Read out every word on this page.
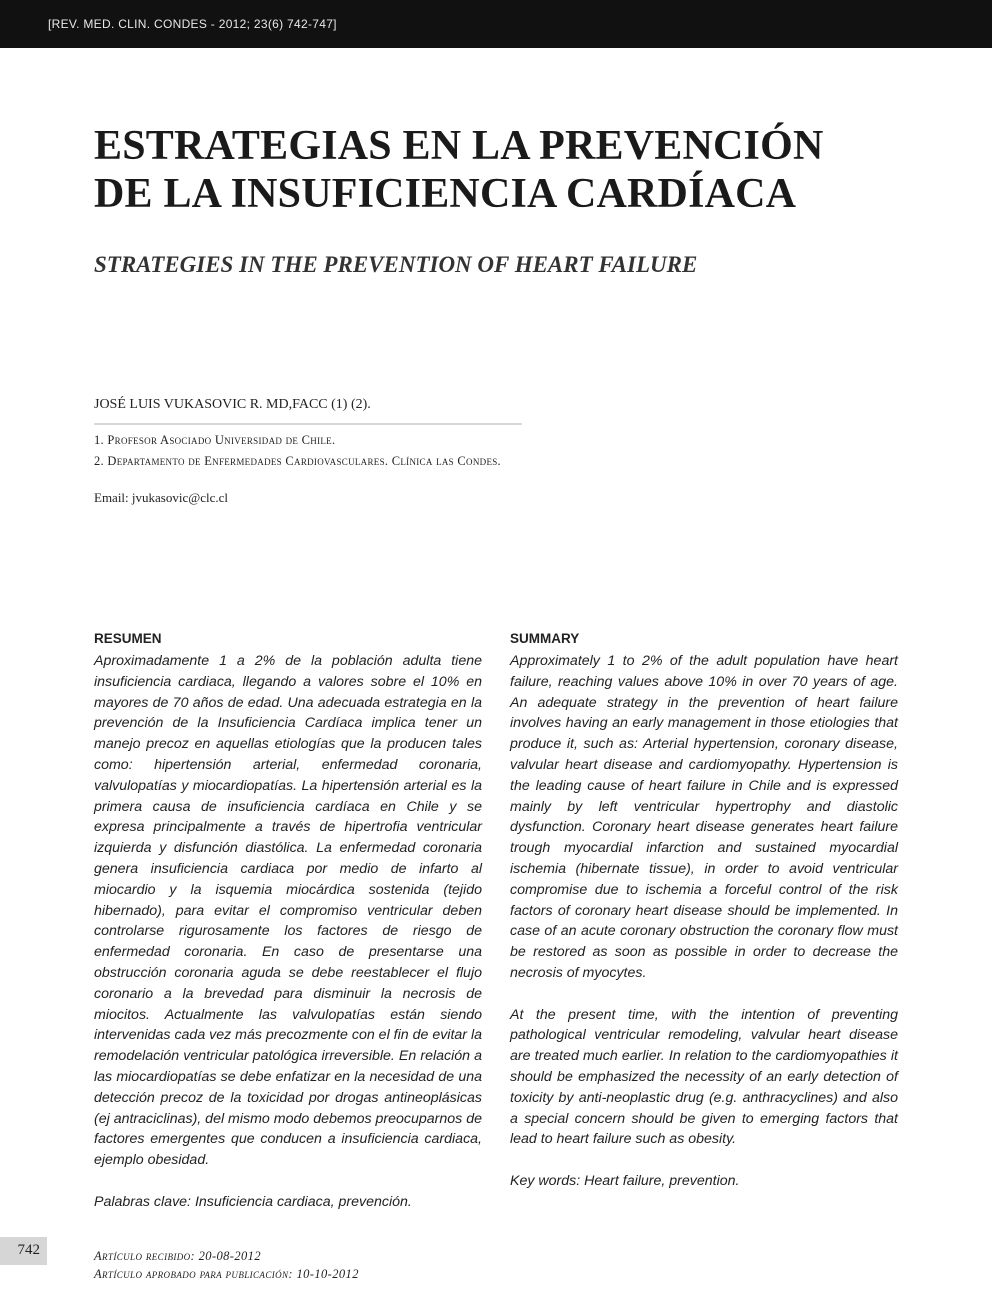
[REV. MED. CLIN. CONDES - 2012; 23(6) 742-747]
ESTRATEGIAS EN LA PREVENCIÓN
DE LA INSUFICIENCIA CARDÍACA
STRATEGIES IN THE PREVENTION OF HEART FAILURE
JOSÉ LUIS VUKASOVIC R. MD,FACC (1) (2).
1. Profesor Asociado Universidad de Chile.
2. Departamento de Enfermedades Cardiovasculares. Clínica las Condes.
Email: jvukasovic@clc.cl
RESUMEN

Aproximadamente 1 a 2% de la población adulta tiene insuficiencia cardiaca, llegando a valores sobre el 10% en mayores de 70 años de edad. Una adecuada estrategia en la prevención de la Insuficiencia Cardíaca implica tener un manejo precoz en aquellas etiologías que la producen tales como: hipertensión arterial, enfermedad coronaria, valvulopatías y miocardiopatías. La hipertensión arterial es la primera causa de insuficiencia cardíaca en Chile y se expresa principalmente a través de hipertrofia ventricular izquierda y disfunción diastólica. La enfermedad coronaria genera insuficiencia cardiaca por medio de infarto al miocardio y la isquemia miocárdica sostenida (tejido hibernado), para evitar el compromiso ventricular deben controlarse rigurosamente los factores de riesgo de enfermedad coronaria. En caso de presentarse una obstrucción coronaria aguda se debe reestablecer el flujo coronario a la brevedad para disminuir la necrosis de miocitos. Actualmente las valvulopatías están siendo intervenidas cada vez más precozmente con el fin de evitar la remodelación ventricular patológica irreversible. En relación a las miocardiopatías se debe enfatizar en la necesidad de una detección precoz de la toxicidad por drogas antineoplásicas (ej antraciclinas), del mismo modo debemos preocuparnos de factores emergentes que conducen a insuficiencia cardiaca, ejemplo obesidad.

Palabras clave: Insuficiencia cardiaca, prevención.

SUMMARY

Approximately 1 to 2% of the adult population have heart failure, reaching values above 10% in over 70 years of age. An adequate strategy in the prevention of heart failure involves having an early management in those etiologies that produce it, such as: Arterial hypertension, coronary disease, valvular heart disease and cardiomyopathy. Hypertension is the leading cause of heart failure in Chile and is expressed mainly by left ventricular hypertrophy and diastolic dysfunction. Coronary heart disease generates heart failure trough myocardial infarction and sustained myocardial ischemia (hibernate tissue), in order to avoid ventricular compromise due to ischemia a forceful control of the risk factors of coronary heart disease should be implemented. In case of an acute coronary obstruction the coronary flow must be restored as soon as possible in order to decrease the necrosis of myocytes.

At the present time, with the intention of preventing pathological ventricular remodeling, valvular heart disease are treated much earlier. In relation to the cardiomyopathies it should be emphasized the necessity of an early detection of toxicity by anti-neoplastic drug (e.g. anthracyclines) and also a special concern should be given to emerging factors that lead to heart failure such as obesity.

Key words: Heart failure, prevention.

742	Artículo recibido: 20-08-2012
Artículo aprobado para publicación: 10-10-2012
